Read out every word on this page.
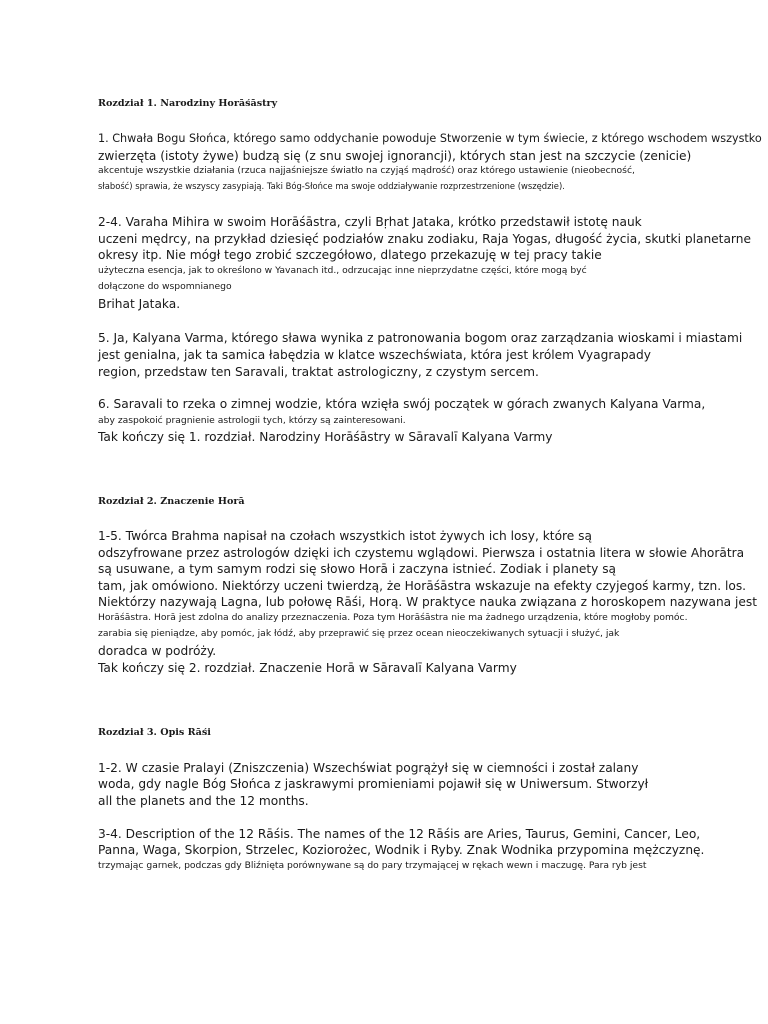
Rozdział 1. Narodziny Horāśāstry
1. Chwała Bogu Słońca, którego samo oddychanie powoduje Stworzenie w tym świecie, z którego wschodem wszystko
zwierzęta (istoty żywe) budzą się (z snu swojej ignorancji), których stan jest na szczycie (zenicie)
akcentuje wszystkie działania (rzuca najjaśniejsze światło na czyjąś mądrość) oraz którego ustawienie (nieobecność,
słabość) sprawia, że wszyscy zasypiają. Taki Bóg-Słońce ma swoje oddziaływanie rozprzestrzenione (wszędzie).
2-4. Varaha Mihira w swoim Horāśāstra, czyli Bṛhat Jataka, krótko przedstawił istotę nauk
uczeni mędrcy, na przykład dziesięć podziałów znaku zodiaku, Raja Yogas, długość życia, skutki planetarne
okresy itp. Nie mógł tego zrobić szczegółowo, dlatego przekazuję w tej pracy takie
użyteczna esencja, jak to określono w Yavanach itd., odrzucając inne nieprzydatne części, które mogą być
dołączone do wspomnianego
Brihat Jataka.
5. Ja, Kalyana Varma, którego sława wynika z patronowania bogom oraz zarządzania wioskami i miastami
jest genialna, jak ta samica łabędzia w klatce wszechświata, która jest królem Vyagrapady
region, przedstaw ten Saravali, traktat astrologiczny, z czystym sercem.
6. Saravali to rzeka o zimnej wodzie, która wzięła swój początek w górach zwanych Kalyana Varma,
aby zaspokoić pragnienie astrologii tych, którzy są zainteresowani.
Tak kończy się 1. rozdział. Narodziny Horāśāstry w Sāravalī Kalyana Varmy
Rozdział 2. Znaczenie Horā
1-5. Twórca Brahma napisał na czołach wszystkich istot żywych ich losy, które są
odszyfrowane przez astrologów dzięki ich czystemu wglądowi. Pierwsza i ostatnia litera w słowie Ahorātra
są usuwane, a tym samym rodzi się słowo Horā i zaczyna istnieć. Zodiak i planety są
tam, jak omówiono. Niektórzy uczeni twierdzą, że Horāśāstra wskazuje na efekty czyjegoś karmy, tzn. los.
Niektórzy nazywają Lagna, lub połowę Rāśi, Horą. W praktyce nauka związana z horoskopem nazywana jest
Horāśāstra. Horā jest zdolna do analizy przeznaczenia. Poza tym Horāśāstra nie ma żadnego urządzenia, które mogłoby pomóc.
zarabia się pieniądze, aby pomóc, jak łódź, aby przeprawić się przez ocean nieoczekiwanych sytuacji i służyć, jak
doradca w podróży.
Tak kończy się 2. rozdział. Znaczenie Horā w Sāravalī Kalyana Varmy
Rozdział 3. Opis Rāśi
1-2. W czasie Pralayi (Zniszczenia) Wszechświat pogrążył się w ciemności i został zalany
woda, gdy nagle Bóg Słońca z jaskrawymi promieniami pojawił się w Uniwersum. Stworzył
all the planets and the 12 months.
3-4. Description of the 12 Rāśis. The names of the 12 Rāśis are Aries, Taurus, Gemini, Cancer, Leo,
Panna, Waga, Skorpion, Strzelec, Koziorożec, Wodnik i Ryby. Znak Wodnika przypomina mężczyznę.
trzymając garnek, podczas gdy Bliźnięta porównywane są do pary trzymającej w rękach wewn i maczugę. Para ryb jest
